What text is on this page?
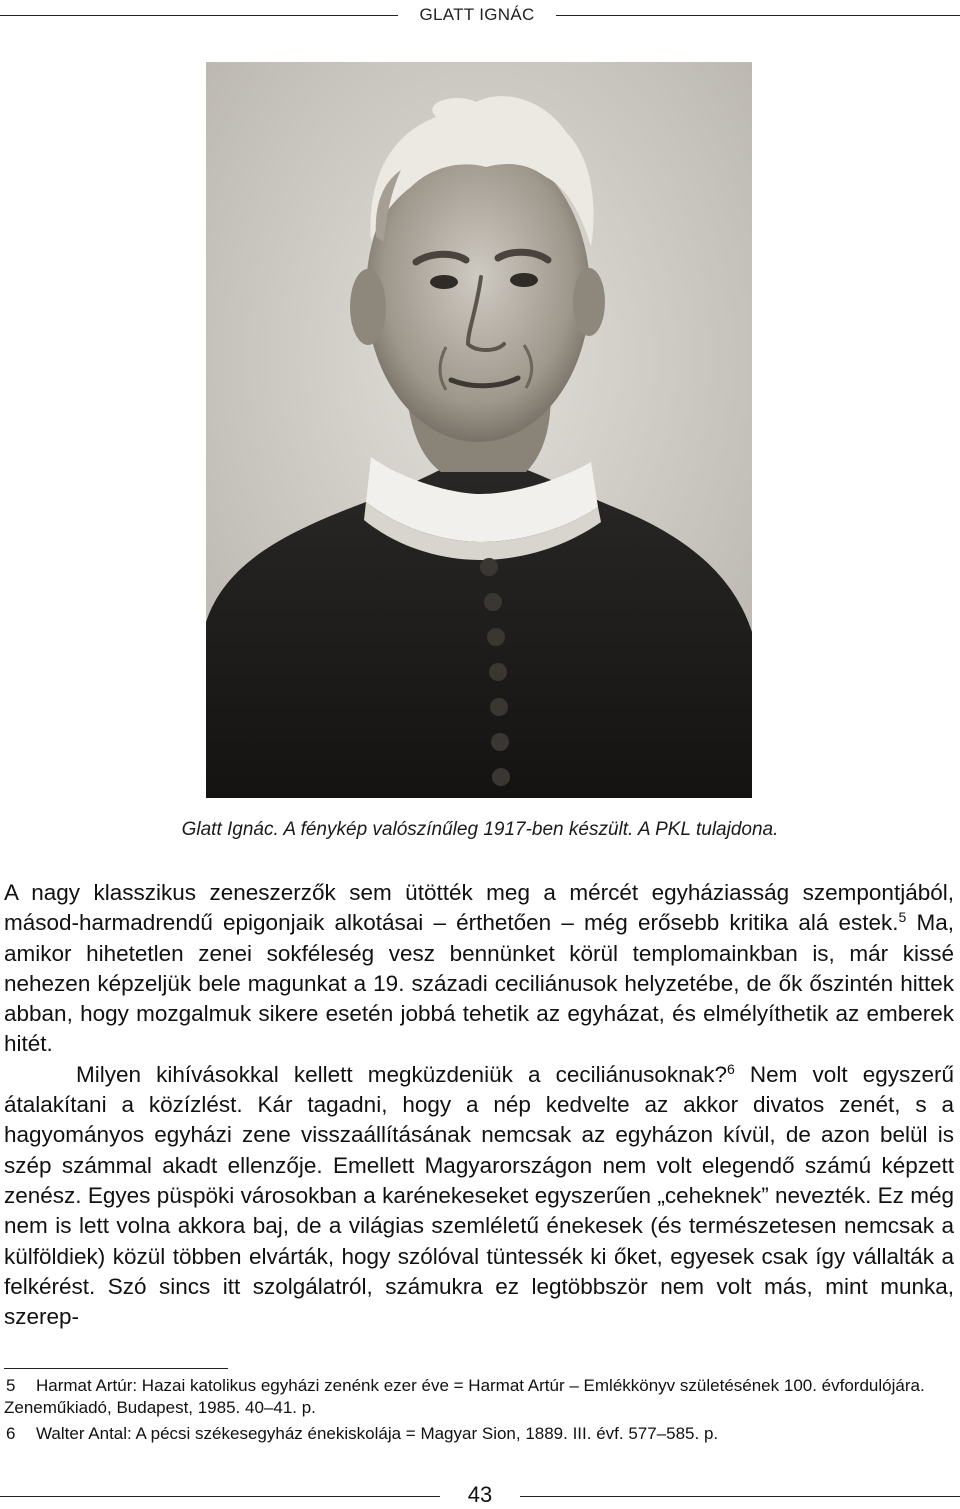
GLATT IGNÁC
Glatt Ignác. A fénykép valószínűleg 1917-ben készült. A PKL tulajdona.

A nagy klasszikus zeneszerzők sem ütötték meg a mércét egyháziasság szempontjából, másod-harmadrendű epigonjaik alkotásai – érthetően – még erősebb kritika alá estek.$^5$ Ma, amikor hihetetlen zenei sokféleség vesz bennünket körül templomainkban is, már kissé nehezen képzeljük bele magunkat a 19. századi ceciliánusok helyzetébe, de ők őszintén hittek abban, hogy mozgalmuk sikere esetén jobbá tehetik az egyházat, és elmélyíthetik az emberek hitét.

Milyen kihívásokkal kellett megküzdeniük a ceciliánusoknak?$^6$ Nem volt egyszerű átalakítani a közízlést. Kár tagadni, hogy a nép kedvelte az akkor divatos zenét, s a hagyományos egyházi zene visszaállításának nemcsak az egyházon kívül, de azon belül is szép számmal akadt ellenzője. Emellett Magyarországon nem volt elegendő számú képzett zenész. Egyes püspöki városokban a karénekeseket egyszerűen „ceheknek” nevezték. Ez még nem is lett volna akkora baj, de a világias szemléletű énekesek (és természetesen nemcsak a külföldiek) közül többen elvárták, hogy szólóval tüntessék ki őket, egyesek csak így vállalták a felkérést. Szó sincs itt szolgálatról, számukra ez legtöbbször nem volt más, mint munka, szerep-

5 Harmat Artúr: Hazai katolikus egyházi zenénk ezer éve = Harmat Artúr – Emlékkönyv születésének 100. évfordulójára. Zeneműkiadó, Budapest, 1985. 40–41. p.
6 Walter Antal: A pécsi székesegyház énekiskolája = Magyar Sion, 1889. III. évf. 577–585. p.
43
